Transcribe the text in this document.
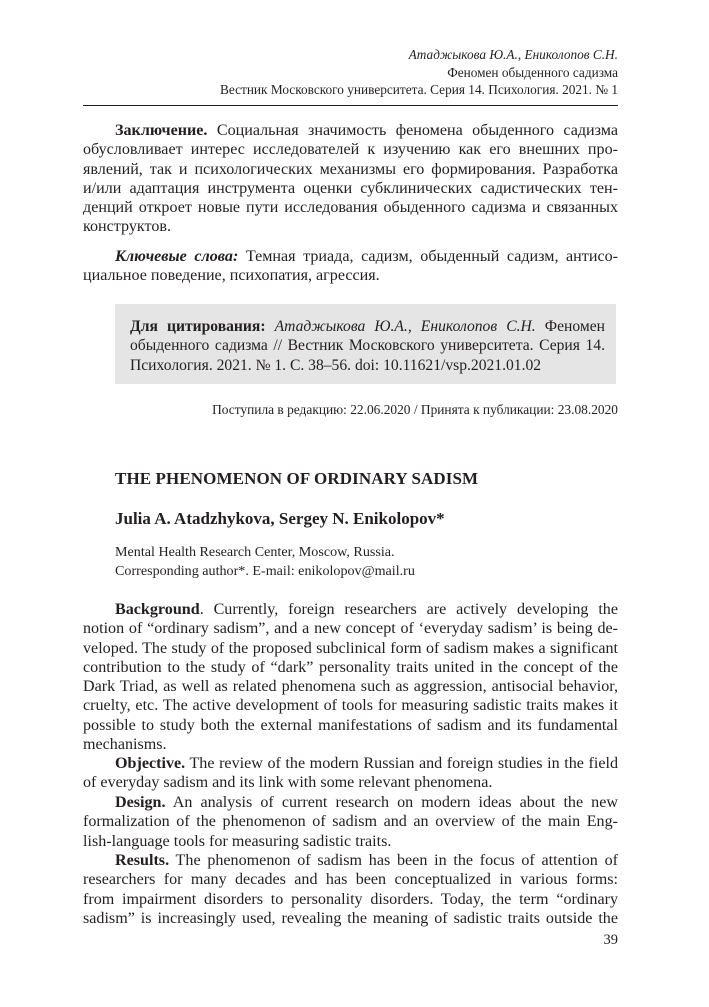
Атаджыкова Ю.А., Ениколопов С.Н.
Феномен обыденного садизма
Вестник Московского университета. Серия 14. Психология. 2021. № 1
Заключение. Социальная значимость феномена обыденного садизма
обусловливает интерес исследователей к изучению как его внешних про-
явлений, так и психологических механизмы его формирования. Разработка
и/или адаптация инструмента оценки субклинических садистических тен-
денций откроет новые пути исследования обыденного садизма и связанных
конструктов.
Ключевые слова: Темная триада, садизм, обыденный садизм, антисо-
циальное поведение, психопатия, агрессия.
Для цитирования: Атаджыкова Ю.А., Ениколопов С.Н. Феномен
обыденного садизма // Вестник Московского университета. Серия 14.
Психология. 2021. № 1. С. 38–56. doi: 10.11621/vsp.2021.01.02
Поступила в редакцию: 22.06.2020 / Принята к публикации: 23.08.2020
THE PHENOMENON OF ORDINARY SADISM
Julia A. Atadzhykova, Sergey N. Enikolopov*
Mental Health Research Center, Moscow, Russia.
Corresponding author*. E-mail: enikolopov@mail.ru
Background. Currently, foreign researchers are actively developing the
notion of “ordinary sadism”, and a new concept of ‘everyday sadism’ is being de-
veloped. The study of the proposed subclinical form of sadism makes a significant
contribution to the study of “dark” personality traits united in the concept of the
Dark Triad, as well as related phenomena such as aggression, antisocial behavior,
cruelty, etc. The active development of tools for measuring sadistic traits makes it
possible to study both the external manifestations of sadism and its fundamental
mechanisms.
Objective. The review of the modern Russian and foreign studies in the field
of everyday sadism and its link with some relevant phenomena.
Design. An analysis of current research on modern ideas about the new
formalization of the phenomenon of sadism and an overview of the main Eng-
lish-language tools for measuring sadistic traits.
Results. The phenomenon of sadism has been in the focus of attention of
researchers for many decades and has been conceptualized in various forms:
from impairment disorders to personality disorders. Today, the term “ordinary
sadism” is increasingly used, revealing the meaning of sadistic traits outside the
39
